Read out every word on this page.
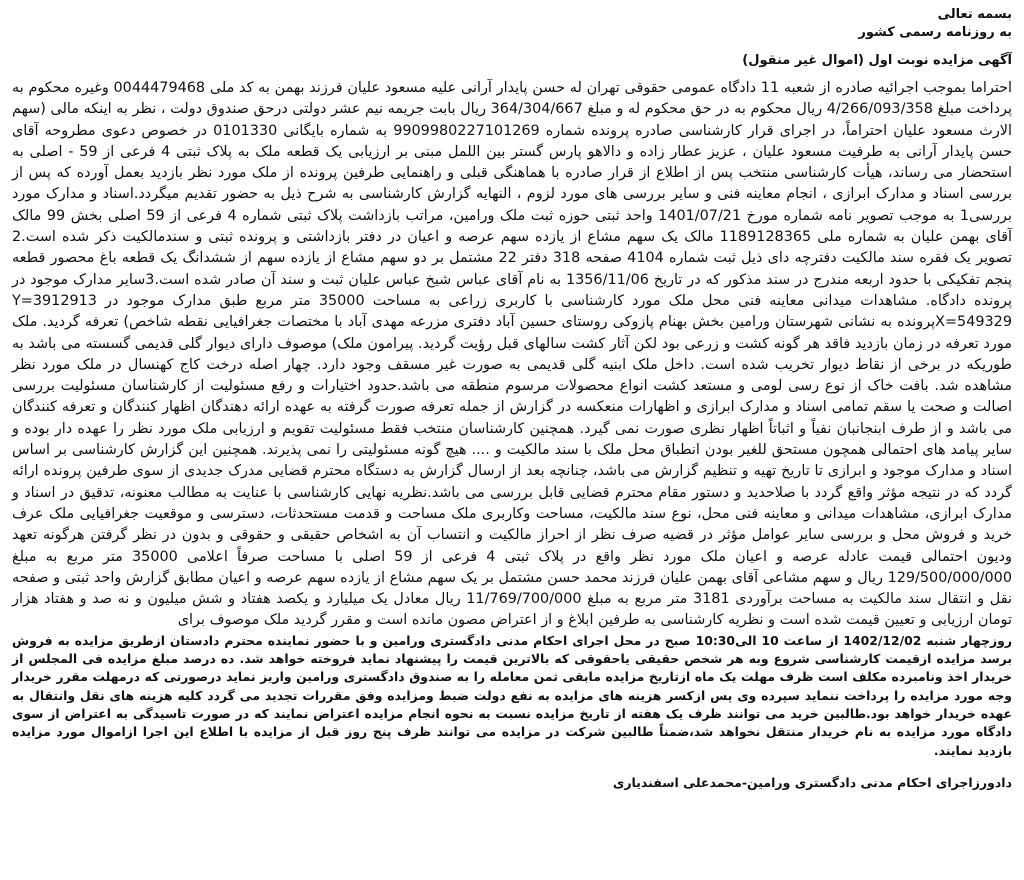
بسمه تعالی

به روزنامه رسمی کشور

آگهی مزایده نوبت اول (اموال غیر منقول)

احتراما بموجب اجرائیه صادره از شعبه 11 دادگاه عمومی حقوقی تهران له حسن پایدار آرانی علیه مسعود علیان فرزند بهمن به کد ملی 0044479468 وغیره محکوم به پرداخت مبلغ 4/266/093/358 ریال محکوم به در حق محکوم له و مبلغ 364/304/667 ریال بابت جریمه نیم عشر دولتی درحق صندوق دولت ، نظر به اینکه مالی (سهم الارث مسعود علیان احتراماً، در اجرای قرار کارشناسی صادره پرونده شماره 9909980227101269 به شماره بایگانی 0101330 در خصوص دعوی مطروحه آقای حسن پایدار آرانی به طرفیت مسعود علیان ، عزیز عطار زاده و دالاهو پارس گستر بین اللمل مبنی بر ارزیابی یک قطعه ملک به پلاک ثبتی 4 فرعی از 59 - اصلی به استحضار می رساند، هیأت کارشناسی منتخب پس از اطلاع از قرار صادره با هماهنگی قبلی و راهنمایی طرفین پرونده از ملک مورد نظر بازدید بعمل آورده که پس از بررسی اسناد و مدارک ابرازی ، انجام معاینه فنی و سایر بررسی های مورد لزوم ، النهایه گزارش کارشناسی به شرح ذیل به حضور تقدیم میگردد.اسناد و مدارک مورد بررسی1 به موجب تصویر نامه شماره مورخ 1401/07/21 واحد ثبتی حوزه ثبت ملک ورامین، مراتب بازداشت پلاک ثبتی شماره 4 فرعی از 59 اصلی بخش 99 مالک آقای بهمن علیان به شماره ملی 1189128365 مالک یک سهم مشاع از یازده سهم عرصه و اعیان در دفتر بازداشتی و پرونده ثبتی و سندمالکیت ذکر شده است.2 تصویر یک فقره سند مالکیت دفترچه دای ذیل ثبت شماره 4104 صفحه 318 دفتر 22 مشتمل بر دو سهم مشاع از یازده سهم از ششدانگ یک قطعه باغ محصور قطعه پنجم تفکیکی با حدود اربعه مندرج در سند مذکور که در تاریخ 1356/11/06 به نام آقای عباس شیخ عباس علیان ثبت و سند آن صادر شده است.3سایر مدارک موجود در پرونده دادگاه. مشاهدات میدانی معاینه فنی محل ملک مورد کارشناسی با کاربری زراعی به مساحت 35000 متر مربع طبق مدارک موجود در Y=3912913 X=549329پرونده به نشانی شهرستان ورامین بخش بهنام پازوکی روستای حسین آباد دفتری مزرعه مهدی آباد با مختصات جغرافیایی نقطه شاخص) تعرفه گردید. ملک مورد تعرفه در زمان بازدید فاقد هر گونه کشت و زرعی بود لکن آثار کشت سالهای قبل رؤیت گردید. پیرامون ملک) موصوف دارای دیوار گلی قدیمی گسسته می باشد به طوریکه در برخی از نقاط دیوار تخریب شده است. داخل ملک ابنیه گلی قدیمی به صورت غیر مسقف وجود دارد. چهار اصله درخت کاج کهنسال در ملک مورد نظر مشاهده شد. بافت خاک از نوع رسی لومی و مستعد کشت انواع محصولات مرسوم منطقه می باشد.حدود اختیارات و رفع مسئولیت از کارشناسان مسئولیت بررسی اصالت و صحت یا سقم تمامی اسناد و مدارک ابرازی و اظهارات منعکسه در گزارش از جمله تعرفه صورت گرفته به عهده ارائه دهندگان اظهار کنندگان و تعرفه کنندگان می باشد و از طرف ابنجانبان نفیاً و اثباتاً اظهار نظری صورت نمی گیرد. همچنین کارشناسان منتخب فقط مسئولیت تقویم و ارزیابی ملک مورد نظر را عهده دار بوده و سایر پیامد های احتمالی همچون مستحق للغیر بودن انطباق محل ملک با سند مالکیت و .... هیچ گونه مسئولیتی را نمی پذیرند. همچنین این گزارش کارشناسی بر اساس اسناد و مدارک موجود و ابرازی تا تاریخ تهیه و تنظیم گزارش می باشد، چنانچه بعد از ارسال گزارش به دستگاه محترم قضایی مدرک جدیدی از سوی طرفین پرونده ارائه گردد که در نتیجه مؤثر واقع گردد با صلاحدید و دستور مقام محترم قضایی قابل بررسی می باشد.نظریه نهایی کارشناسی با عنایت به مطالب معنونه، تدقیق در اسناد و مدارک ابرازی، مشاهدات میدانی و معاینه فنی محل، نوع سند مالکیت، مساحت وکاربری ملک مساحت و قدمت مستحدثات، دسترسی و موقعیت جغرافیایی ملک عرف خرید و فروش محل و بررسی سایر عوامل مؤثر در قضیه صرف نظر از احراز مالکیت و انتساب آن به اشخاص حقیقی و حقوقی و بدون در نظر گرفتن هرگونه تعهد ودیون احتمالی قیمت عادله عرصه و اعیان ملک مورد نظر واقع در پلاک ثبتی 4 فرعی از 59 اصلی با مساحت صرفاً اعلامی 35000 متر مربع به مبلغ 129/500/000/000 ریال و سهم مشاعی آقای بهمن علیان فرزند محمد حسن مشتمل بر یک سهم مشاع از یازده سهم عرصه و اعیان مطابق گزارش واحد ثبتی و صفحه نقل و انتقال سند مالکیت به مساحت برآوردی 3181 متر مربع به مبلغ 11/769/700/000 ریال معادل یک میلیارد و یکصد هفتاد و شش میلیون و نه صد و هفتاد هزار تومان ارزیابی و تعیین قیمت شده است و نظریه کارشناسی به طرفین ابلاغ و از اعتراض مصون مانده است و مقرر گردید ملک موصوف برای

روزچهار شنبه 1402/12/02 از ساعت 10 الی10:30 صبح در محل اجرای احکام مدنی دادگستری ورامین و با حضور نماینده محترم دادستان ازطریق مزایده به فروش برسد مزایده ازقیمت کارشناسی شروع وبه هر شخص حقیقی یاحقوقی که بالاترین قیمت را پیشنهاد نماید فروخته خواهد شد. ده درصد مبلغ مزایده فی المجلس از خریدار اخذ ونامبرده مکلف است ظرف مهلت یک ماه ازتاریخ مزایده مابقی ثمن معامله را به صندوق دادگستری ورامین واریز نماید درصورتی که درمهلت مقرر خریدار وجه مورد مزایده را پرداخت ننماید سپرده وی پس ازکسر هزینه های مزایده به نفع دولت ضبط ومزایده وفق مقررات تجدید می گردد کلیه هزینه های نقل وانتقال به عهده خریدار خواهد بود.طالبین خرید می توانند ظرف یک هفته از تاریخ مزایده نسبت به نحوه انجام مزایده اعتراض نمایند که در صورت تاسیدگی به اعتراض از سوی دادگاه مورد مزایده به نام خریدار منتقل نخواهد شد،ضمناً طالبین شرکت در مزایده می توانند ظرف پنج روز قبل از مزایده با اطلاع این اجرا ازاموال مورد مزایده بازدید نمایند.

دادورزاجرای احکام مدنی دادگستری ورامین-محمدعلی اسفندیاری
